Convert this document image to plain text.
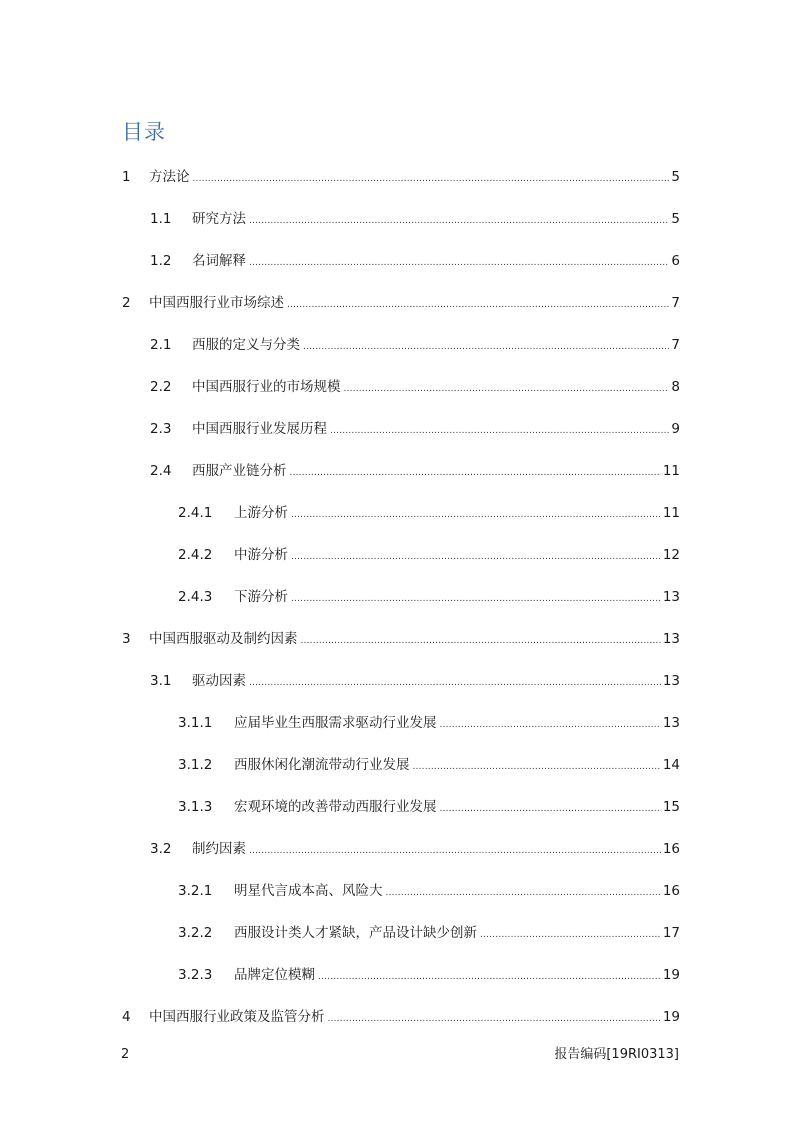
目录
1	方法论 .....	5
1.1	研究方法 .....	5
1.2	名词解释 .....	6
2	中国西服行业市场综述 .....	7
2.1	西服的定义与分类 .....	7
2.2	中国西服行业的市场规模 .....	8
2.3	中国西服行业发展历程 .....	9
2.4	西服产业链分析 .....	11
2.4.1	上游分析 .....	11
2.4.2	中游分析 .....	12
2.4.3	下游分析 .....	13
3	中国西服驱动及制约因素 .....	13
3.1	驱动因素 .....	13
3.1.1	应届毕业生西服需求驱动行业发展 .....	13
3.1.2	西服休闲化潮流带动行业发展 .....	14
3.1.3	宏观环境的改善带动西服行业发展 .....	15
3.2	制约因素 .....	16
3.2.1	明星代言成本高、风险大 .....	16
3.2.2	西服设计类人才紧缺，产品设计缺少创新 .....	17
3.2.3	品牌定位模糊 .....	19
4	中国西服行业政策及监管分析 .....	19
2	报告编码[19RI0313]
